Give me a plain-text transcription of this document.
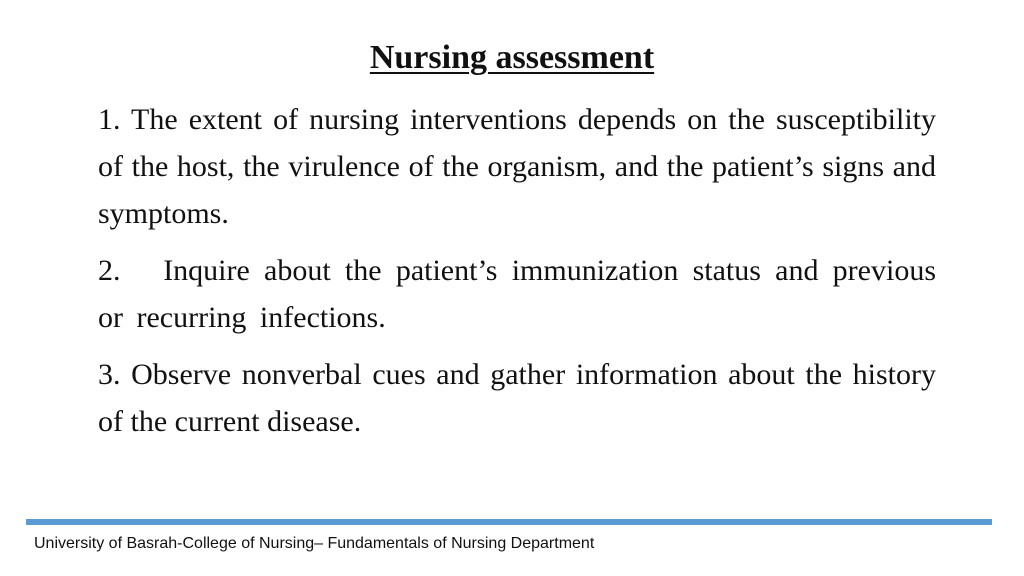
Nursing assessment

1. The extent of nursing interventions depends on the susceptibility of the host, the virulence of the organism, and the patient’s signs and symptoms.

2.   Inquire about the patient’s immunization status and previous or recurring infections.

3. Observe nonverbal cues and gather information about the history of the current disease.

University of Basrah-College of Nursing– Fundamentals of Nursing Department
